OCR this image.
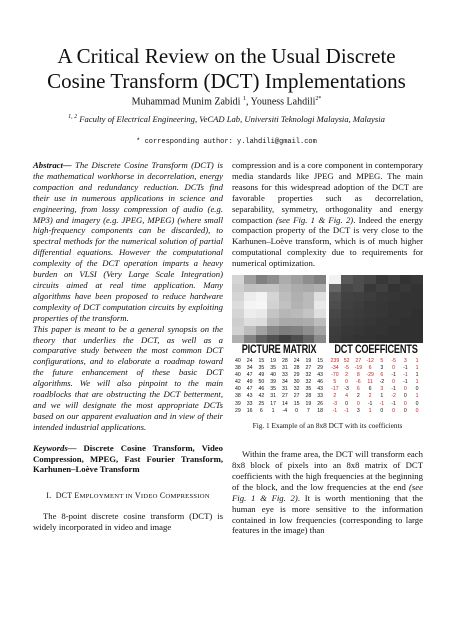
A Critical Review on the Usual Discrete
Cosine Transform (DCT) Implementations
Muhammad Munim Zabidi $^1$, Youness Lahdili$^{2*}$
$^{1, 2}$ Faculty of Electrical Engineering, VeCAD Lab, Universiti Teknologi Malaysia, Malaysia
* corresponding author: y.lahdili@gmail.com
Abstract— The Discrete Cosine Transform (DCT) is the mathematical workhorse in decorrelation, energy compaction and redundancy reduction. DCTs find their use in numerous applications in science and engineering, from lossy compression of audio (e.g. MP3) and imagery (e.g. JPEG, MPEG) (where small high-frequency components can be discarded), to spectral methods for the numerical solution of partial differential equations. However the computational complexity of the DCT operation imparts a heavy burden on VLSI (Very Large Scale Integration) circuits aimed at real time application. Many algorithms have been proposed to reduce hardware complexity of DCT computation circuits by exploiting properties of the transform.
This paper is meant to be a general synopsis on the theory that underlies the DCT, as well as a comparative study between the most common DCT configurations, and to elaborate a roadmap toward the future enhancement of these basic DCT algorithms. We will also pinpoint to the main roadblocks that are obstructing the DCT betterment, and we will designate the most appropriate DCTs based on our apparent evaluation and in view of their intended industrial applications.
Keywords— Discrete Cosine Transform, Video Compression, MPEG, Fast Fourier Transform, Karhunen–Loève Transform
I. DCT EMPLOYMENT IN VIDEO COMPRESSION
The 8-point discrete cosine transform (DCT) is widely incorporated in video and image
compression and is a core component in contemporary media standards like JPEG and MPEG. The main reasons for this widespread adoption of the DCT are favorable properties such as decorrelation, separability, symmetry, orthogonality and energy compaction (see Fig. 1 & Fig. 2). Indeed the energy compaction property of the DCT is very close to the Karhunen–Loève transform, which is of much higher computational complexity due to requirements for numerical optimization.
PICTURE MATRIX
40	24	15	19	28	24	19	15
38	34	35	35	31	28	27	29
40	47	49	40	33	29	32	43
42	49	50	39	34	30	32	46
40	47	46	35	31	32	35	43
38	43	42	31	27	27	28	33
39	33	25	17	14	15	19	26
29	16	6	1	-4	0	7	18
DCT COEFFICENTS
239 52	27 -12	5	-5	3	1
-34	-5	-19	6	3	0	-1	1
-70	2	8	-29	6	-1	-1	1
5	0	-6	11	-2	0	-1	1
-17	-3	6	6	3	-1	0	0
2	4	2	2	1	-2	0	1
-3	0	0	-1	-1	-1	0	0
-1	-1	3	1	0	0	0	0
Fig. 1 Example of an 8x8 DCT with its coefficients
Within the frame area, the DCT will transform each 8x8 block of pixels into an 8x8 matrix of DCT coefficients with the high frequencies at the beginning of the block, and the low frequencies at the end (see Fig. 1 & Fig. 2). It is worth mentioning that the human eye is more sensitive to the information contained in low frequencies (corresponding to large features in the image) than
